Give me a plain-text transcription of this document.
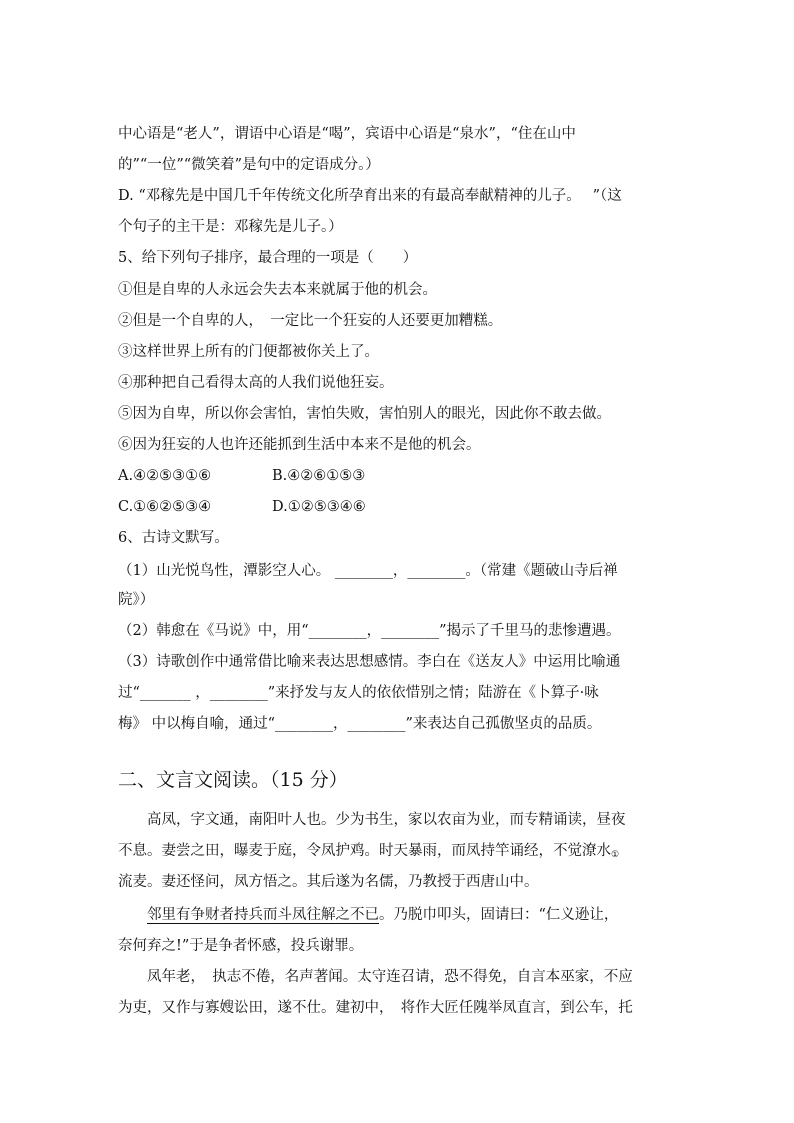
中心语是“老人”，谓语中心语是“喝”，宾语中心语是“泉水”，“住在山中
的”“一位”“微笑着”是句中的定语成分。）
D. “邓稼先是中国几千年传统文化所孕育出来的有最高奉献精神的儿子。　 ”（这
个句子的主干是：邓稼先是儿子。）
5、给下列句子排序，最合理的一项是（　　）
①但是自卑的人永远会失去本来就属于他的机会。
②但是一个自卑的人，　一定比一个狂妄的人还要更加糟糕。
③这样世界上所有的门便都被你关上了。
④那种把自己看得太高的人我们说他狂妄。
⑤因为自卑，所以你会害怕，害怕失败，害怕别人的眼光，因此你不敢去做。
⑥因为狂妄的人也许还能抓到生活中本来不是他的机会。
A.④②⑤③①⑥	B.④②⑥①⑤③
C.①⑥②⑤③④	D.①②⑤③④⑥
6、古诗文默写。
（1）山光悦鸟性，潭影空人心。 ________，________。（常建《题破山寺后禅
院》）
（2）韩愈在《马说》中，用“________，________”揭示了千里马的悲惨遭遇。
（3）诗歌创作中通常借比喻来表达思想感情。李白在《送友人》中运用比喻通
过“_______ ，________”来抒发与友人的依依惜别之情；陆游在《卜算子·咏
梅》 中以梅自喻，通过“________，________”来表达自己孤傲坚贞的品质。
二、文言文阅读。（15 分）
　　高凤，字文通，南阳叶人也。少为书生，家以农亩为业，而专精诵读，昼夜
不息。妻尝之田，曝麦于庭，令凤护鸡。时天暴雨，而凤持竿诵经，不觉潦水$_①$
流麦。妻还怪问，凤方悟之。其后遂为名儒，乃教授于西唐山中。
邻里有争财者持兵而斗凤往解之不已。乃脱巾叩头，固请曰：“仁义逊让，
奈何弃之!”于是争者怀感，投兵谢罪。
　　凤年老，　执志不倦，名声著闻。太守连召请，恐不得免，自言本巫家，不应
为吏，又作与寡嫂讼田，遂不仕。建初中，　将作大匠任隗举凤直言，到公车，托
